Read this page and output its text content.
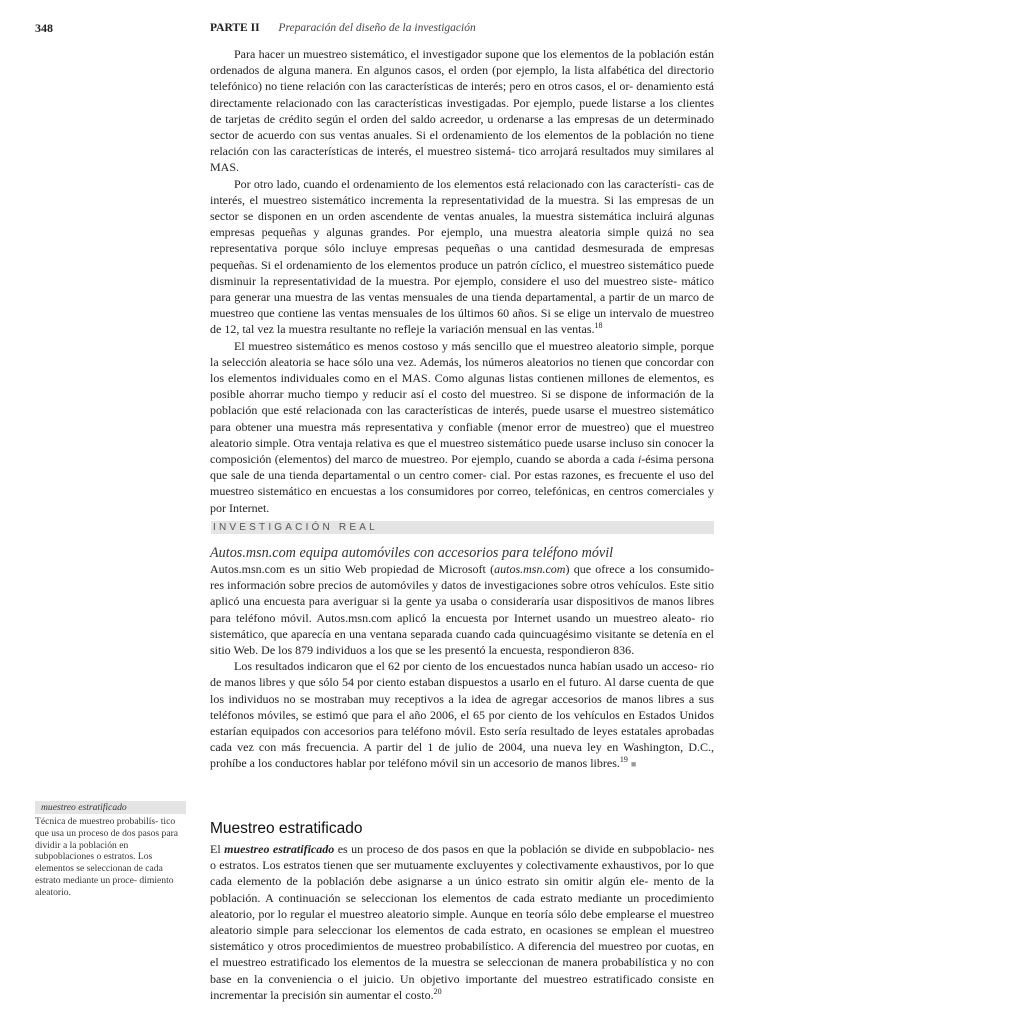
348	PARTE II Preparación del diseño de la investigación

Para hacer un muestreo sistemático, el investigador supone que los elementos de la población están ordenados de alguna manera. En algunos casos, el orden (por ejemplo, la lista alfabética del directorio telefónico) no tiene relación con las características de interés; pero en otros casos, el or- denamiento está directamente relacionado con las características investigadas. Por ejemplo, puede listarse a los clientes de tarjetas de crédito según el orden del saldo acreedor, u ordenarse a las empresas de un determinado sector de acuerdo con sus ventas anuales. Si el ordenamiento de los elementos de la población no tiene relación con las características de interés, el muestreo sistemá- tico arrojará resultados muy similares al MAS.

Por otro lado, cuando el ordenamiento de los elementos está relacionado con las característi- cas de interés, el muestreo sistemático incrementa la representatividad de la muestra. Si las empresas de un sector se disponen en un orden ascendente de ventas anuales, la muestra sistemática incluirá algunas empresas pequeñas y algunas grandes. Por ejemplo, una muestra aleatoria simple quizá no sea representativa porque sólo incluye empresas pequeñas o una cantidad desmesurada de empresas pequeñas. Si el ordenamiento de los elementos produce un patrón cíclico, el muestreo sistemático puede disminuir la representatividad de la muestra. Por ejemplo, considere el uso del muestreo siste- mático para generar una muestra de las ventas mensuales de una tienda departamental, a partir de un marco de muestreo que contiene las ventas mensuales de los últimos 60 años. Si se elige un intervalo de muestreo de 12, tal vez la muestra resultante no refleje la variación mensual en las ventas.$^{18}$

El muestreo sistemático es menos costoso y más sencillo que el muestreo aleatorio simple, porque la selección aleatoria se hace sólo una vez. Además, los números aleatorios no tienen que concordar con los elementos individuales como en el MAS. Como algunas listas contienen millones de elementos, es posible ahorrar mucho tiempo y reducir así el costo del muestreo. Si se dispone de información de la población que esté relacionada con las características de interés, puede usarse el muestreo sistemático para obtener una muestra más representativa y confiable (menor error de muestreo) que el muestreo aleatorio simple. Otra ventaja relativa es que el muestreo sistemático puede usarse incluso sin conocer la composición (elementos) del marco de muestreo. Por ejemplo, cuando se aborda a cada i-ésima persona que sale de una tienda departamental o un centro comer- cial. Por estas razones, es frecuente el uso del muestreo sistemático en encuestas a los consumidores por correo, telefónicas, en centros comerciales y por Internet.

INVESTIGACIÓN REAL
Autos.msn.com equipa automóviles con accesorios para teléfono móvil

Autos.msn.com es un sitio Web propiedad de Microsoft (autos.msn.com) que ofrece a los consumido- res información sobre precios de automóviles y datos de investigaciones sobre otros vehículos. Este sitio aplicó una encuesta para averiguar si la gente ya usaba o consideraría usar dispositivos de manos libres para teléfono móvil. Autos.msn.com aplicó la encuesta por Internet usando un muestreo aleato- rio sistemático, que aparecía en una ventana separada cuando cada quincuagésimo visitante se detenía en el sitio Web. De los 879 individuos a los que se les presentó la encuesta, respondieron 836.

Los resultados indicaron que el 62 por ciento de los encuestados nunca habían usado un acceso- rio de manos libres y que sólo 54 por ciento estaban dispuestos a usarlo en el futuro. Al darse cuenta de que los individuos no se mostraban muy receptivos a la idea de agregar accesorios de manos libres a sus teléfonos móviles, se estimó que para el año 2006, el 65 por ciento de los vehículos en Estados Unidos estarían equipados con accesorios para teléfono móvil. Esto sería resultado de leyes estatales aprobadas cada vez con más frecuencia. A partir del 1 de julio de 2004, una nueva ley en Washington, D.C., prohíbe a los conductores hablar por teléfono móvil sin un accesorio de manos libres.$^{19}$ ■

Muestreo estratificado

El muestreo estratificado es un proceso de dos pasos en que la población se divide en subpoblacio- nes o estratos. Los estratos tienen que ser mutuamente excluyentes y colectivamente exhaustivos, por lo que cada elemento de la población debe asignarse a un único estrato sin omitir algún ele- mento de la población. A continuación se seleccionan los elementos de cada estrato mediante un procedimiento aleatorio, por lo regular el muestreo aleatorio simple. Aunque en teoría sólo debe emplearse el muestreo aleatorio simple para seleccionar los elementos de cada estrato, en ocasiones se emplean el muestreo sistemático y otros procedimientos de muestreo probabilístico. A diferencia del muestreo por cuotas, en el muestreo estratificado los elementos de la muestra se seleccionan de manera probabilística y no con base en la conveniencia o el juicio. Un objetivo importante del muestreo estratificado consiste en incrementar la precisión sin aumentar el costo.$^{20}$

muestreo estratificado
Técnica de muestreo probabilís- tico que usa un proceso de dos pasos para dividir a la población en subpoblaciones o estratos. Los elementos se seleccionan de cada estrato mediante un proce- dimiento aleatorio.
